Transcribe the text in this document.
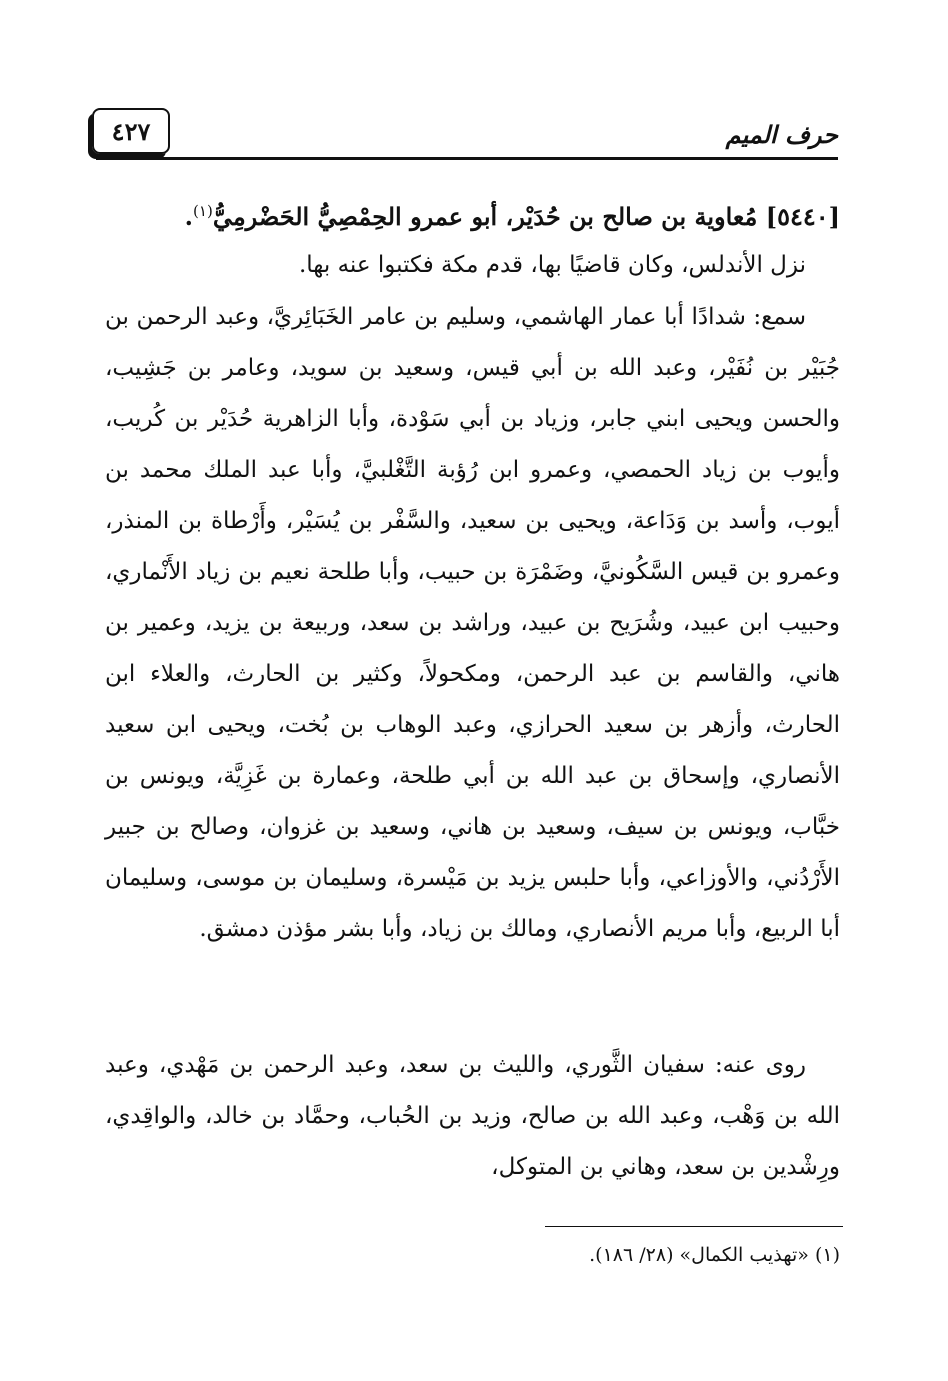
حرف الميم
٤٢٧
[٥٤٤٠] مُعاوية بن صالح بن حُدَيْر، أبو عمرو الحِمْصِيُّ الحَضْرمِيُّ$^{(١)}$.

نزل الأندلس، وكان قاضيًا بها، قدم مكة فكتبوا عنه بها.

سمع: شدادًا أبا عمار الهاشمي، وسليم بن عامر الخَبَائِريَّ، وعبد الرحمن بن جُبَيْر بن نُفَيْر، وعبد الله بن أبي قيس، وسعيد بن سويد، وعامر بن جَشِيب، والحسن ويحيى ابني جابر، وزياد بن أبي سَوْدة، وأبا الزاهرية حُدَيْر بن كُريب، وأيوب بن زياد الحمصي، وعمرو ابن رُؤبة التَّغْلبيَّ، وأبا عبد الملك محمد بن أيوب، وأسد بن وَدَاعة، ويحيى بن سعيد، والسَّفْر بن يُسَيْر، وأَرْطاة بن المنذر، وعمرو بن قيس السَّكُونيَّ، وضَمْرَة بن حبيب، وأبا طلحة نعيم بن زياد الأَنْماري، وحبيب ابن عبيد، وشُرَيح بن عبيد، وراشد بن سعد، وربيعة بن يزيد، وعمير بن هاني، والقاسم بن عبد الرحمن، ومكحولاً، وكثير بن الحارث، والعلاء ابن الحارث، وأزهر بن سعيد الحرازي، وعبد الوهاب بن بُخت، ويحيى ابن سعيد الأنصاري، وإسحاق بن عبد الله بن أبي طلحة، وعمارة بن غَزِيَّة، ويونس بن خبَّاب، ويونس بن سيف، وسعيد بن هاني، وسعيد بن غزوان، وصالح بن جبير الأَرْدُني، والأوزاعي، وأبا حلبس يزيد بن مَيْسرة، وسليمان بن موسى، وسليمان أبا الربيع، وأبا مريم الأنصاري، ومالك بن زياد، وأبا بشر مؤذن دمشق.

روى عنه: سفيان الثَّوري، والليث بن سعد، وعبد الرحمن بن مَهْدي، وعبد الله بن وَهْب، وعبد الله بن صالح، وزيد بن الحُباب، وحمَّاد بن خالد، والواقِدي، ورِشْدين بن سعد، وهاني بن المتوكل،

(١) «تهذيب الكمال» (٢٨/ ١٨٦).
